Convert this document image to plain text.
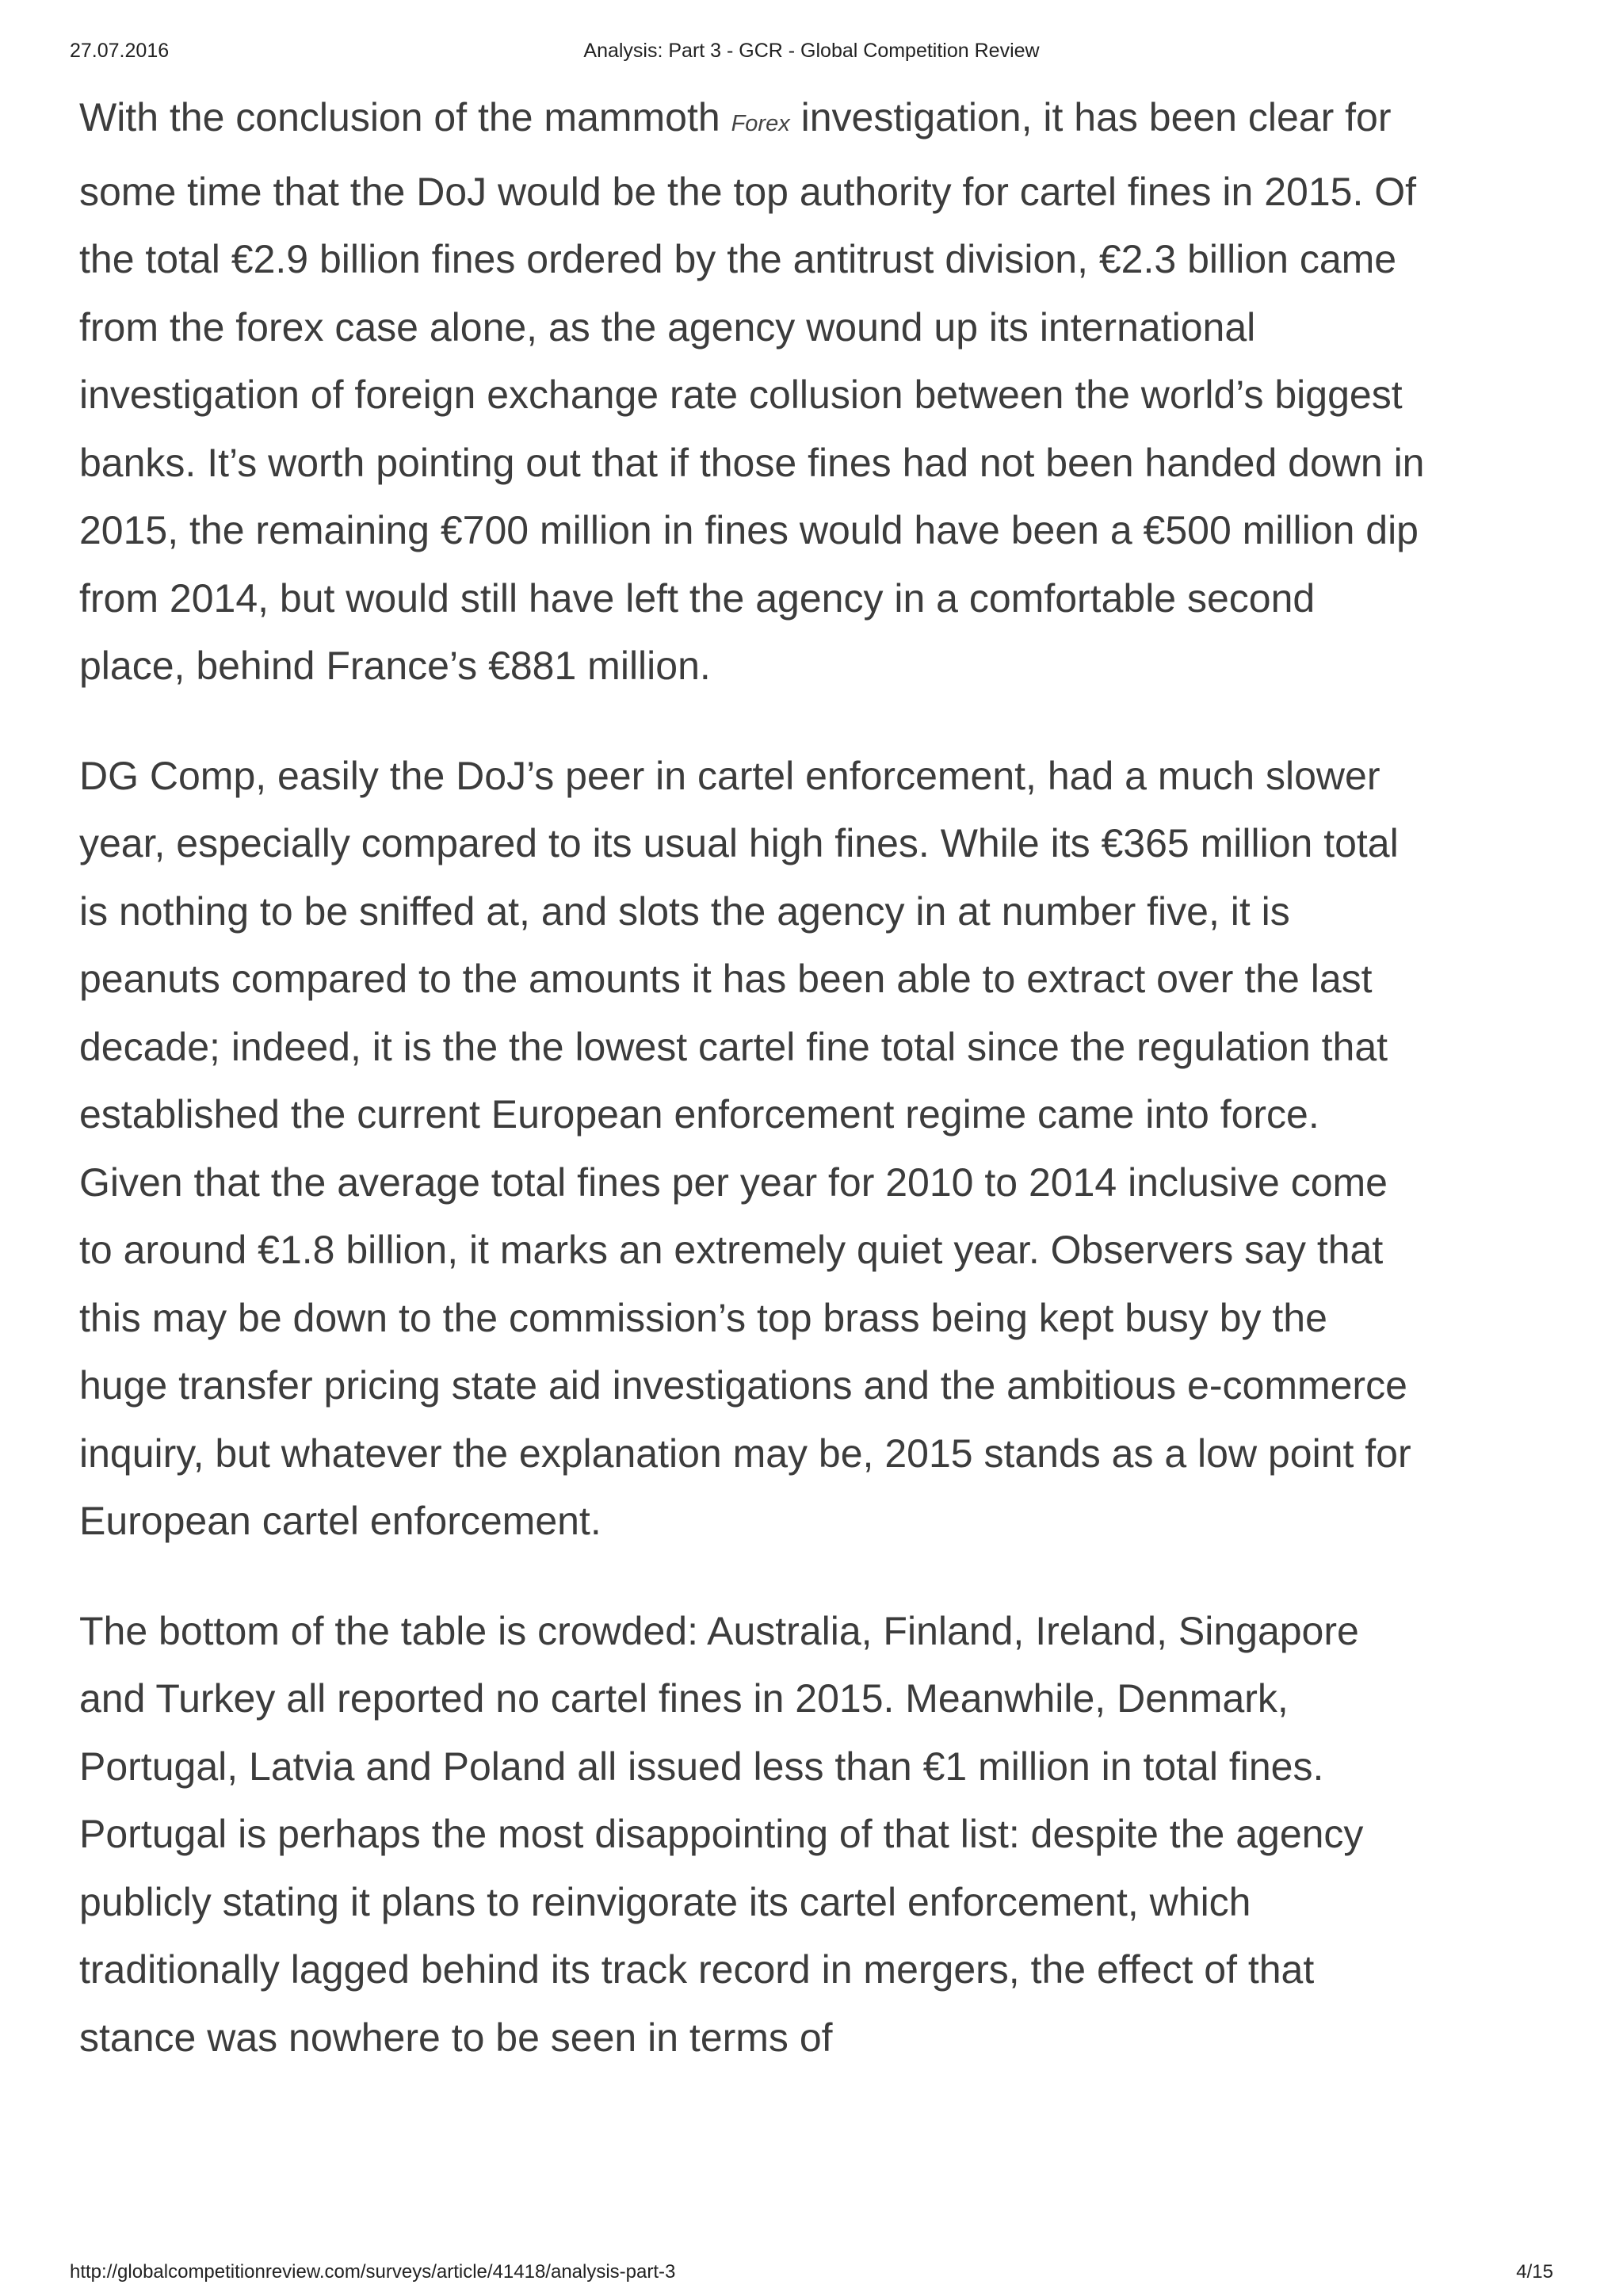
27.07.2016	Analysis: Part 3 - GCR - Global Competition Review

With the conclusion of the mammoth Forex investigation, it has been clear for some time that the DoJ would be the top authority for cartel fines in 2015. Of the total €2.9 billion fines ordered by the antitrust division, €2.3 billion came from the forex case alone, as the agency wound up its international investigation of foreign exchange rate collusion between the world’s biggest banks. It’s worth pointing out that if those fines had not been handed down in 2015, the remaining €700 million in fines would have been a €500 million dip from 2014, but would still have left the agency in a comfortable second place, behind France’s €881 million.

DG Comp, easily the DoJ’s peer in cartel enforcement, had a much slower year, especially compared to its usual high fines. While its €365 million total is nothing to be sniffed at, and slots the agency in at number five, it is peanuts compared to the amounts it has been able to extract over the last decade; indeed, it is the the lowest cartel fine total since the regulation that established the current European enforcement regime came into force. Given that the average total fines per year for 2010 to 2014 inclusive come to around €1.8 billion, it marks an extremely quiet year. Observers say that this may be down to the commission’s top brass being kept busy by the huge transfer pricing state aid investigations and the ambitious e-commerce inquiry, but whatever the explanation may be, 2015 stands as a low point for European cartel enforcement.

The bottom of the table is crowded: Australia, Finland, Ireland, Singapore and Turkey all reported no cartel fines in 2015. Meanwhile, Denmark, Portugal, Latvia and Poland all issued less than €1 million in total fines. Portugal is perhaps the most disappointing of that list: despite the agency publicly stating it plans to reinvigorate its cartel enforcement, which traditionally lagged behind its track record in mergers, the effect of that stance was nowhere to be seen in terms of

http://globalcompetitionreview.com/surveys/article/41418/analysis-part-3	4/15
